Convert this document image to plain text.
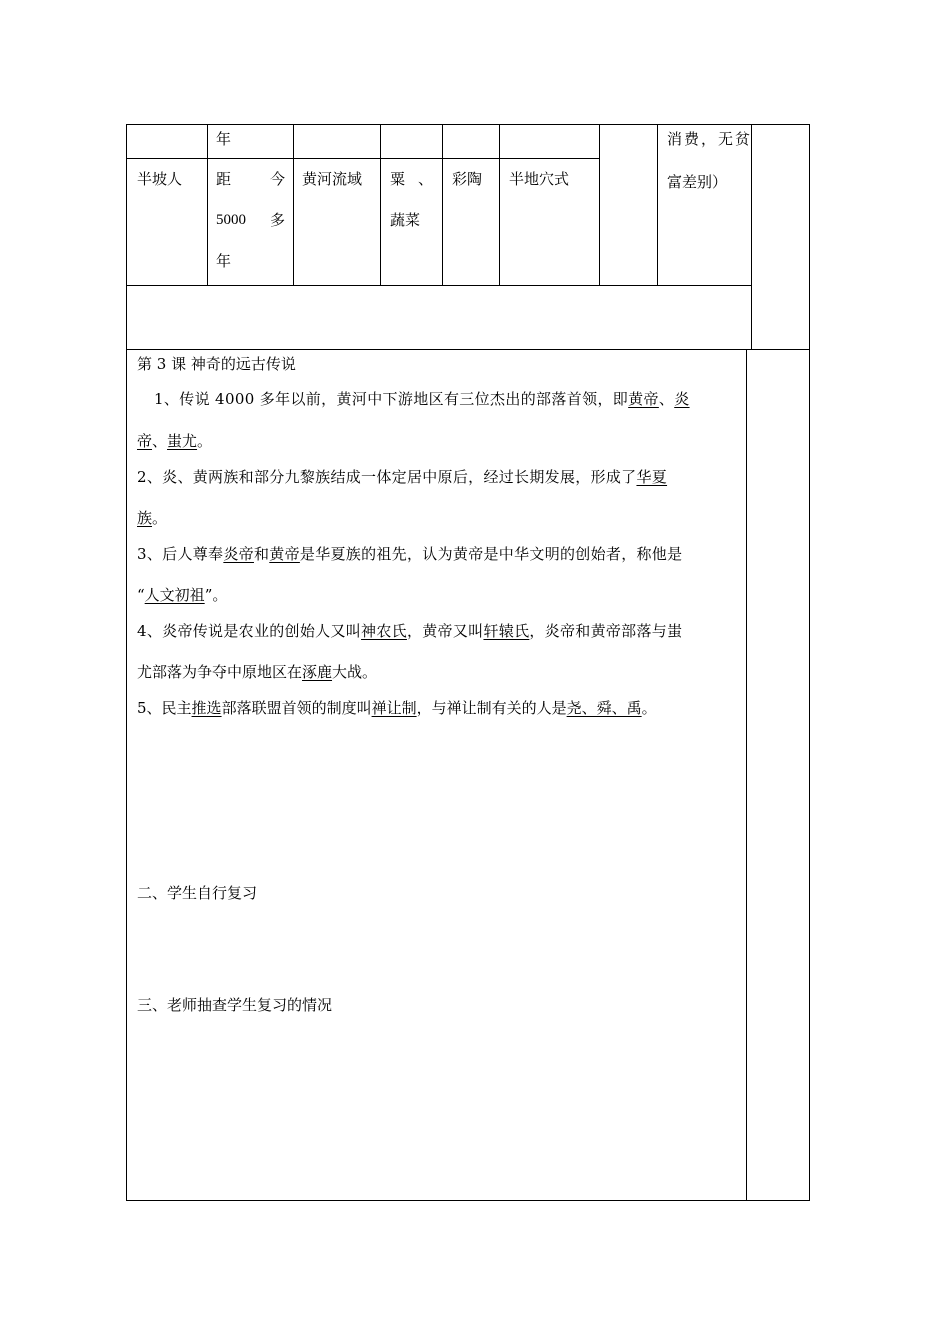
年	消费，无贫
富差别）
半坡人 距	今
5000 多
年
黄河流域 粟 、
蔬菜
彩陶 半地穴式
第 3 课 神奇的远古传说
1、传说 4000 多年以前，黄河中下游地区有三位杰出的部落首领，即黄帝、炎
帝、蚩尤。
2、炎、黄两族和部分九黎族结成一体定居中原后，经过长期发展，形成了华夏
族。
3、后人尊奉炎帝和黄帝是华夏族的祖先，认为黄帝是中华文明的创始者，称他是
“人文初祖”。
4、炎帝传说是农业的创始人又叫神农氏，黄帝又叫轩辕氏，炎帝和黄帝部落与蚩
尤部落为争夺中原地区在涿鹿大战。
5、民主推选部落联盟首领的制度叫禅让制，与禅让制有关的人是尧、舜、禹。
二、学生自行复习
三、老师抽查学生复习的情况
